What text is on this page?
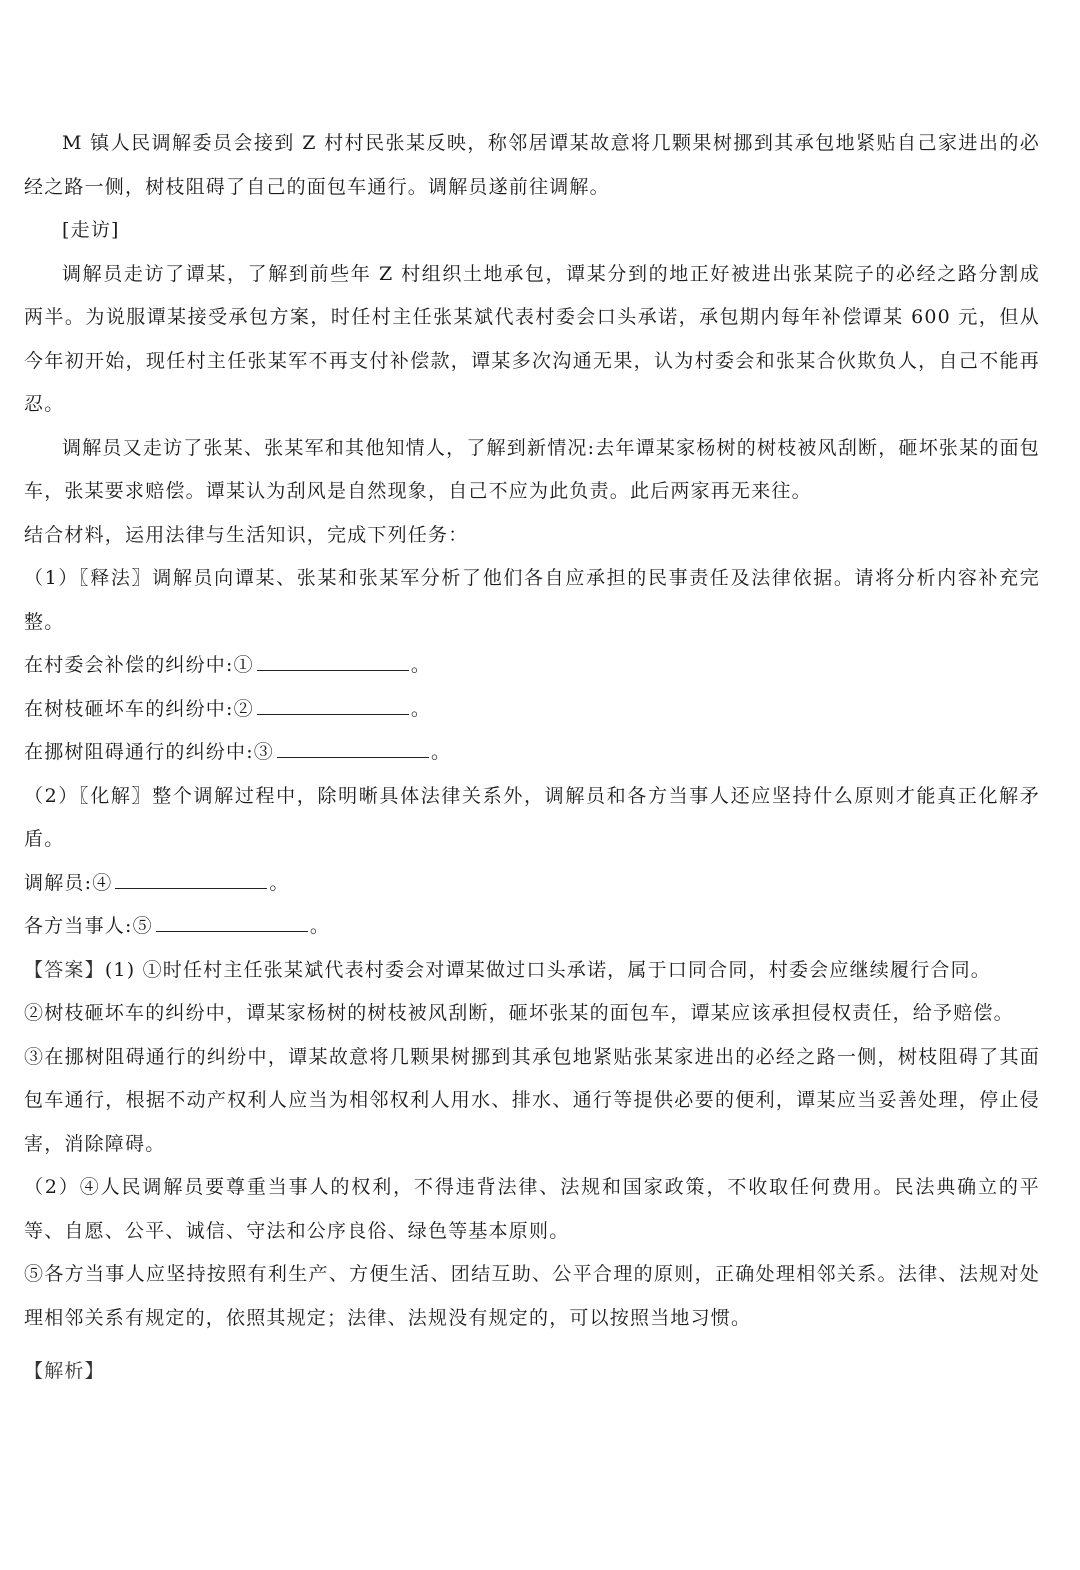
M 镇人民调解委员会接到 Z 村村民张某反映，称邻居谭某故意将几颗果树挪到其承包地紧贴自己家进出的必经之路一侧，树枝阻碍了自己的面包车通行。调解员遂前往调解。

[走访]

调解员走访了谭某，了解到前些年 Z 村组织土地承包，谭某分到的地正好被进出张某院子的必经之路分割成两半。为说服谭某接受承包方案，时任村主任张某斌代表村委会口头承诺，承包期内每年补偿谭某 600 元，但从今年初开始，现任村主任张某军不再支付补偿款，谭某多次沟通无果，认为村委会和张某合伙欺负人，自己不能再忍。

调解员又走访了张某、张某军和其他知情人，了解到新情况:去年谭某家杨树的树枝被风刮断，砸坏张某的面包车，张某要求赔偿。谭某认为刮风是自然现象，自己不应为此负责。此后两家再无来往。

结合材料，运用法律与生活知识，完成下列任务：

（1）〖释法〗调解员向谭某、张某和张某军分析了他们各自应承担的民事责任及法律依据。请将分析内容补充完整。

在村委会补偿的纠纷中:①	。

在树枝砸坏车的纠纷中:②	。

在挪树阻碍通行的纠纷中:③	。

（2）〖化解〗整个调解过程中，除明晰具体法律关系外，调解员和各方当事人还应坚持什么原则才能真正化解矛盾。

调解员:④	。

各方当事人:⑤	。

【答案】(1) ①时任村主任张某斌代表村委会对谭某做过口头承诺，属于口同合同，村委会应继续履行合同。

②树枝砸坏车的纠纷中，谭某家杨树的树枝被风刮断，砸坏张某的面包车，谭某应该承担侵权责任，给予赔偿。

③在挪树阻碍通行的纠纷中，谭某故意将几颗果树挪到其承包地紧贴张某家进出的必经之路一侧，树枝阻碍了其面包车通行，根据不动产权利人应当为相邻权利人用水、排水、通行等提供必要的便利，谭某应当妥善处理，停止侵害，消除障碍。

（2）④人民调解员要尊重当事人的权利，不得违背法律、法规和国家政策，不收取任何费用。民法典确立的平等、自愿、公平、诚信、守法和公序良俗、绿色等基本原则。

⑤各方当事人应坚持按照有利生产、方便生活、团结互助、公平合理的原则，正确处理相邻关系。法律、法规对处理相邻关系有规定的，依照其规定；法律、法规没有规定的，可以按照当地习惯。

【解析】
